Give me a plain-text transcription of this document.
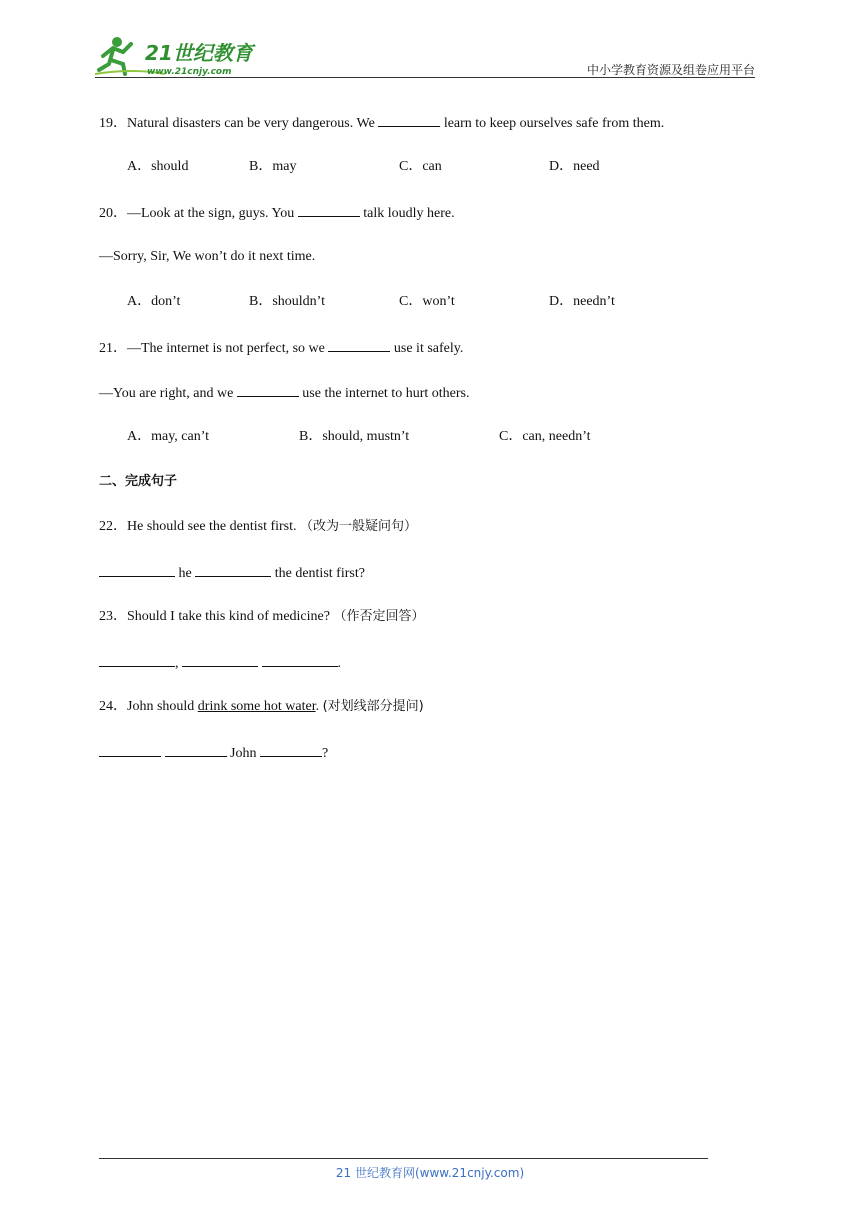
21世纪教育
www.21cnjy.com	中小学教育资源及组卷应用平台
19．Natural disasters can be very dangerous. We	learn to keep ourselves safe from them.
A．should	B．may	C．can	D．need
20．—Look at the sign, guys. You	talk loudly here.
—Sorry, Sir, We won’t do it next time.
A．don’t	B．shouldn’t	C．won’t	D．needn’t
21．—The internet is not perfect, so we	use it safely.
—You are right, and we	use the internet to hurt others.
A．may, can’t	B．should, mustn’t	C．can, needn’t
二、完成句子
22．He should see the dentist first. （改为一般疑问句）
he	the dentist first?
23．Should I take this kind of medicine? （作否定回答）
,	.
24．John should drink some hot water. (对划线部分提问)
John	?
21 世纪教育网(www.21cnjy.com)
